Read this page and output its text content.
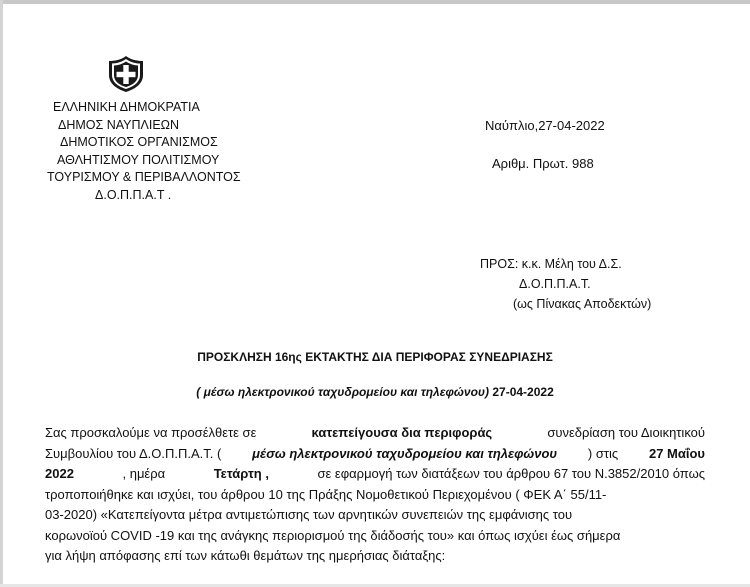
ΕΛΛΗΝΙΚΗ ΔΗΜΟΚΡΑΤΙΑ
ΔΗΜΟΣ ΝΑΥΠΛΙΕΩΝ
ΔΗΜΟΤΙΚΟΣ ΟΡΓΑΝΙΣΜΟΣ
ΑΘΛΗΤΙΣΜΟΥ ΠΟΛΙΤΙΣΜΟΥ
ΤΟΥΡΙΣΜΟΥ & ΠΕΡΙΒΑΛΛΟΝΤΟΣ
Δ.Ο.Π.Π.Α.Τ .
Ναύπλιο,27-04-2022
Αριθμ. Πρωτ. 988
ΠΡΟΣ: κ.κ. Μέλη του Δ.Σ.
Δ.Ο.Π.Π.Α.Τ.
(ως Πίνακας Αποδεκτών)
ΠΡΟΣΚΛΗΣΗ 16ης ΕΚΤΑΚΤΗΣ ΔΙΑ ΠΕΡΙΦΟΡΑΣ ΣΥΝΕΔΡΙΑΣΗΣ
( μέσω ηλεκτρονικού ταχυδρομείου και τηλεφώνου) 27-04-2022
Σας προσκαλούμε να προσέλθετε σε	κατεπείγουσα δια περιφοράς	συνεδρίαση του Διοικητικού
Συμβουλίου του Δ.Ο.Π.Π.Α.Τ. ( μέσω ηλεκτρονικού ταχυδρομείου και τηλεφώνου ) στις 27 Μαΐου
2022	, ημέρα	Τετάρτη ,	σε εφαρμογή των διατάξεων του άρθρου 67 του Ν.3852/2010 όπως
τροποποιήθηκε και ισχύει, του άρθρου 10 της Πράξης Νομοθετικού Περιεχομένου ( ΦΕΚ Α΄ 55/11-
03-2020) «Κατεπείγοντα μέτρα αντιμετώπισης των αρνητικών συνεπειών της εμφάνισης του
κορωνοϊού COVID -19 και της ανάγκης περιορισμού της διάδοσής του» και όπως ισχύει έως σήμερα
για λήψη απόφασης επί των κάτωθι θεμάτων της ημερήσιας διάταξης:
